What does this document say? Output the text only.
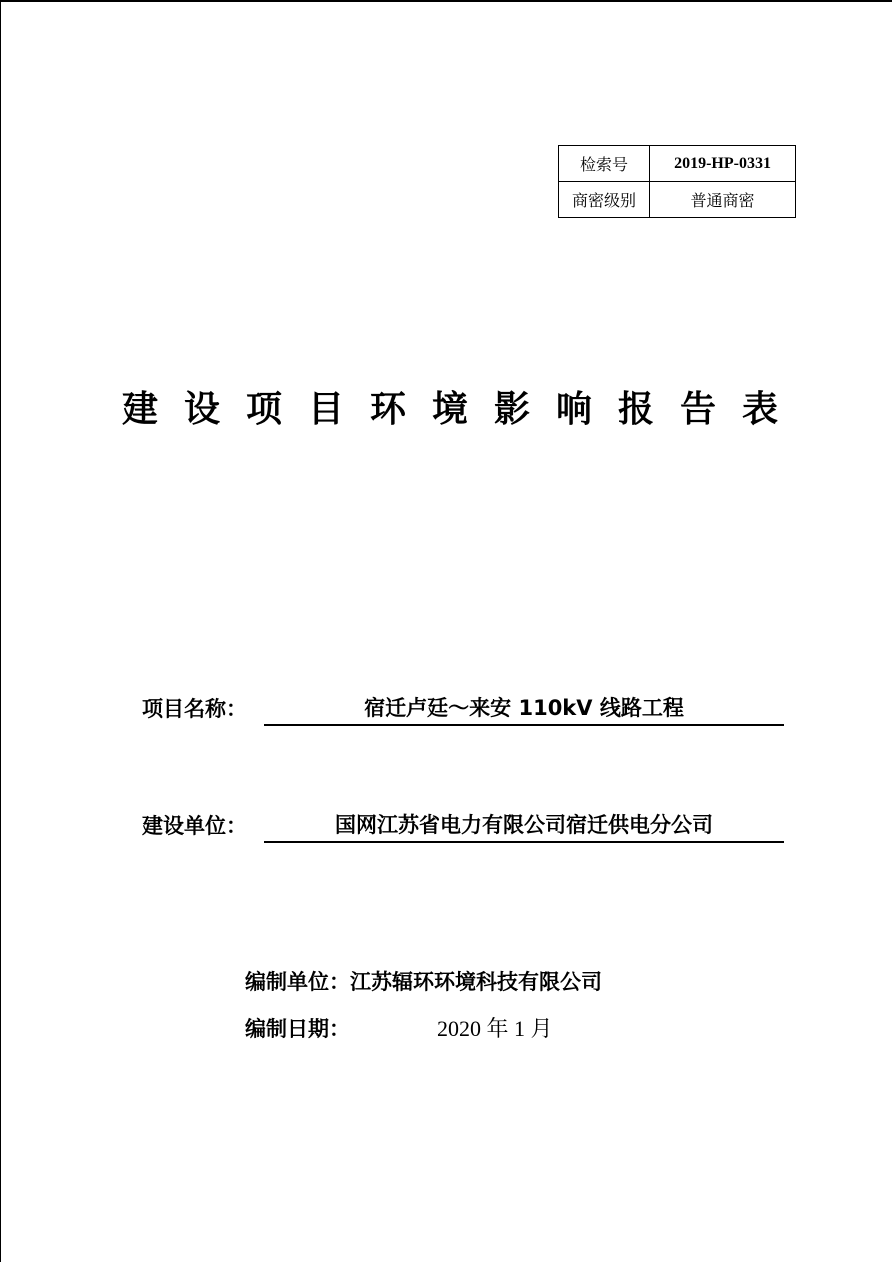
检索号	2019-HP-0331
商密级别	普通商密
建设项目环境影响报告表
项目名称：	宿迁卢廷～来安 110kV 线路工程
建设单位：	国网江苏省电力有限公司宿迁供电分公司
编制单位：江苏辐环环境科技有限公司
编制日期：	2020 年 1 月
